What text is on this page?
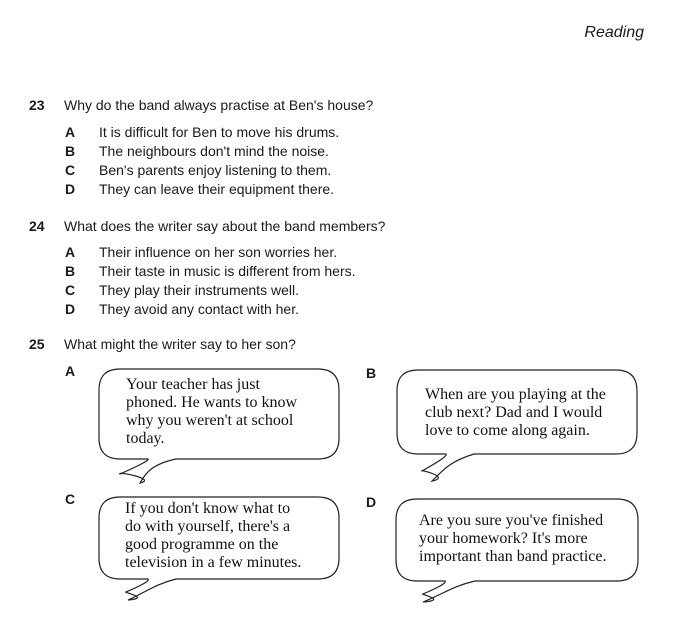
Reading
23 Why do the band always practise at Ben's house?
A It is difficult for Ben to move his drums.
B The neighbours don't mind the noise.
C Ben's parents enjoy listening to them.
D They can leave their equipment there.
24 What does the writer say about the band members?
A Their influence on her son worries her.
B Their taste in music is different from hers.
C They play their instruments well.
D They avoid any contact with her.
25 What might the writer say to her son?
A
Your teacher has just
phoned. He wants to know
why you weren't at school
today.
B
When are you playing at the
club next? Dad and I would
love to come along again.
C
If you don't know what to
do with yourself, there's a
good programme on the
television in a few minutes.
D
Are you sure you've finished
your homework? It's more
important than band practice.
